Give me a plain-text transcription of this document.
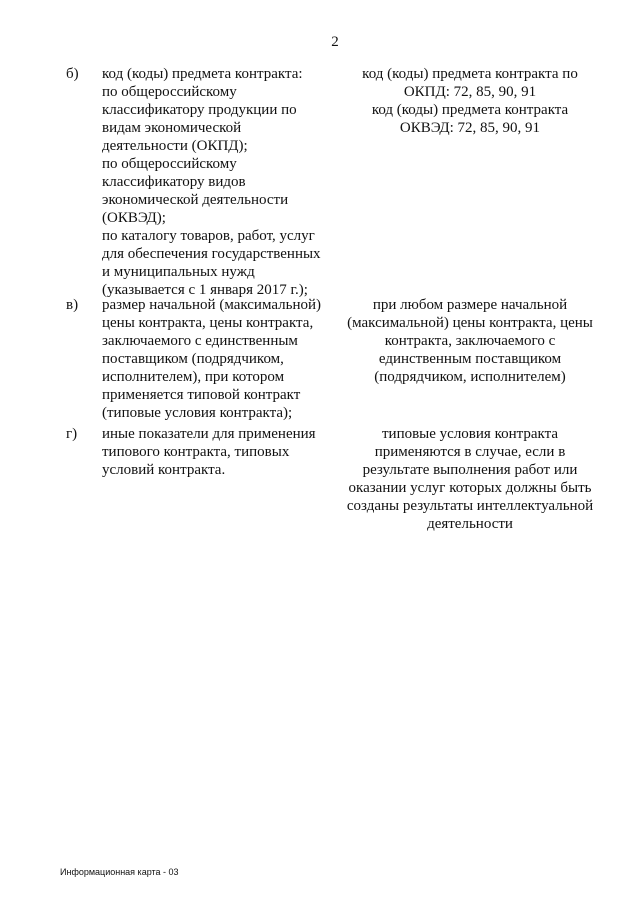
2
б) код (коды) предмета контракта:
по общероссийскому
классификатору продукции по
видам экономической
деятельности (ОКПД);
по общероссийскому
классификатору видов
экономической деятельности
(ОКВЭД);
по каталогу товаров, работ, услуг
для обеспечения государственных
и муниципальных нужд
(указывается с 1 января 2017 г.);
код (коды) предмета контракта по
ОКПД: 72, 85, 90, 91
код (коды) предмета контракта
ОКВЭД: 72, 85, 90, 91
в) размер начальной (максимальной)
цены контракта, цены контракта,
заключаемого с единственным
поставщиком (подрядчиком,
исполнителем), при котором
применяется типовой контракт
(типовые условия контракта);
при любом размере начальной
(максимальной) цены контракта, цены
контракта, заключаемого с
единственным поставщиком
(подрядчиком, исполнителем)
г) иные показатели для применения
типового контракта, типовых
условий контракта.
типовые условия контракта
применяются в случае, если в
результате выполнения работ или
оказании услуг которых должны быть
созданы результаты интеллектуальной
деятельности
Информационная карта - 03
